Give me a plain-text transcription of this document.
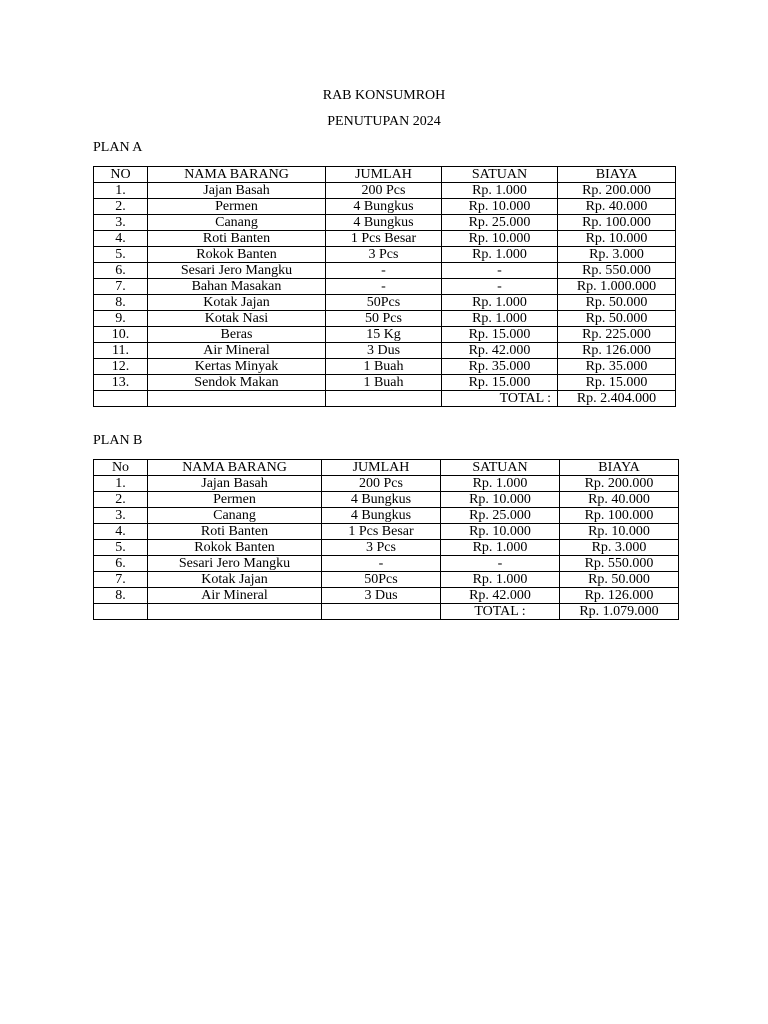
RAB KONSUMROH
PENUTUPAN 2024
PLAN A
NO	NAMA BARANG	JUMLAH	SATUAN	BIAYA
1.	Jajan Basah	200 Pcs	Rp. 1.000	Rp. 200.000
2.	Permen	4 Bungkus	Rp. 10.000	Rp. 40.000
3.	Canang	4 Bungkus	Rp. 25.000	Rp. 100.000
4.	Roti Banten	1 Pcs Besar	Rp. 10.000	Rp. 10.000
5.	Rokok Banten	3 Pcs	Rp. 1.000	Rp. 3.000
6.	Sesari Jero Mangku	-	-	Rp. 550.000
7.	Bahan Masakan	-	-	Rp. 1.000.000
8.	Kotak Jajan	50Pcs	Rp. 1.000	Rp. 50.000
9.	Kotak Nasi	50 Pcs	Rp. 1.000	Rp. 50.000
10.	Beras	15 Kg	Rp. 15.000	Rp. 225.000
11.	Air Mineral	3 Dus	Rp. 42.000	Rp. 126.000
12.	Kertas Minyak	1 Buah	Rp. 35.000	Rp. 35.000
13.	Sendok Makan	1 Buah	Rp. 15.000	Rp. 15.000
			TOTAL :	Rp. 2.404.000
PLAN B
No	NAMA BARANG	JUMLAH	SATUAN	BIAYA
1.	Jajan Basah	200 Pcs	Rp. 1.000	Rp. 200.000
2.	Permen	4 Bungkus	Rp. 10.000	Rp. 40.000
3.	Canang	4 Bungkus	Rp. 25.000	Rp. 100.000
4.	Roti Banten	1 Pcs Besar	Rp. 10.000	Rp. 10.000
5.	Rokok Banten	3 Pcs	Rp. 1.000	Rp. 3.000
6.	Sesari Jero Mangku	-	-	Rp. 550.000
7.	Kotak Jajan	50Pcs	Rp. 1.000	Rp. 50.000
8.	Air Mineral	3 Dus	Rp. 42.000	Rp. 126.000
			TOTAL :	Rp. 1.079.000
